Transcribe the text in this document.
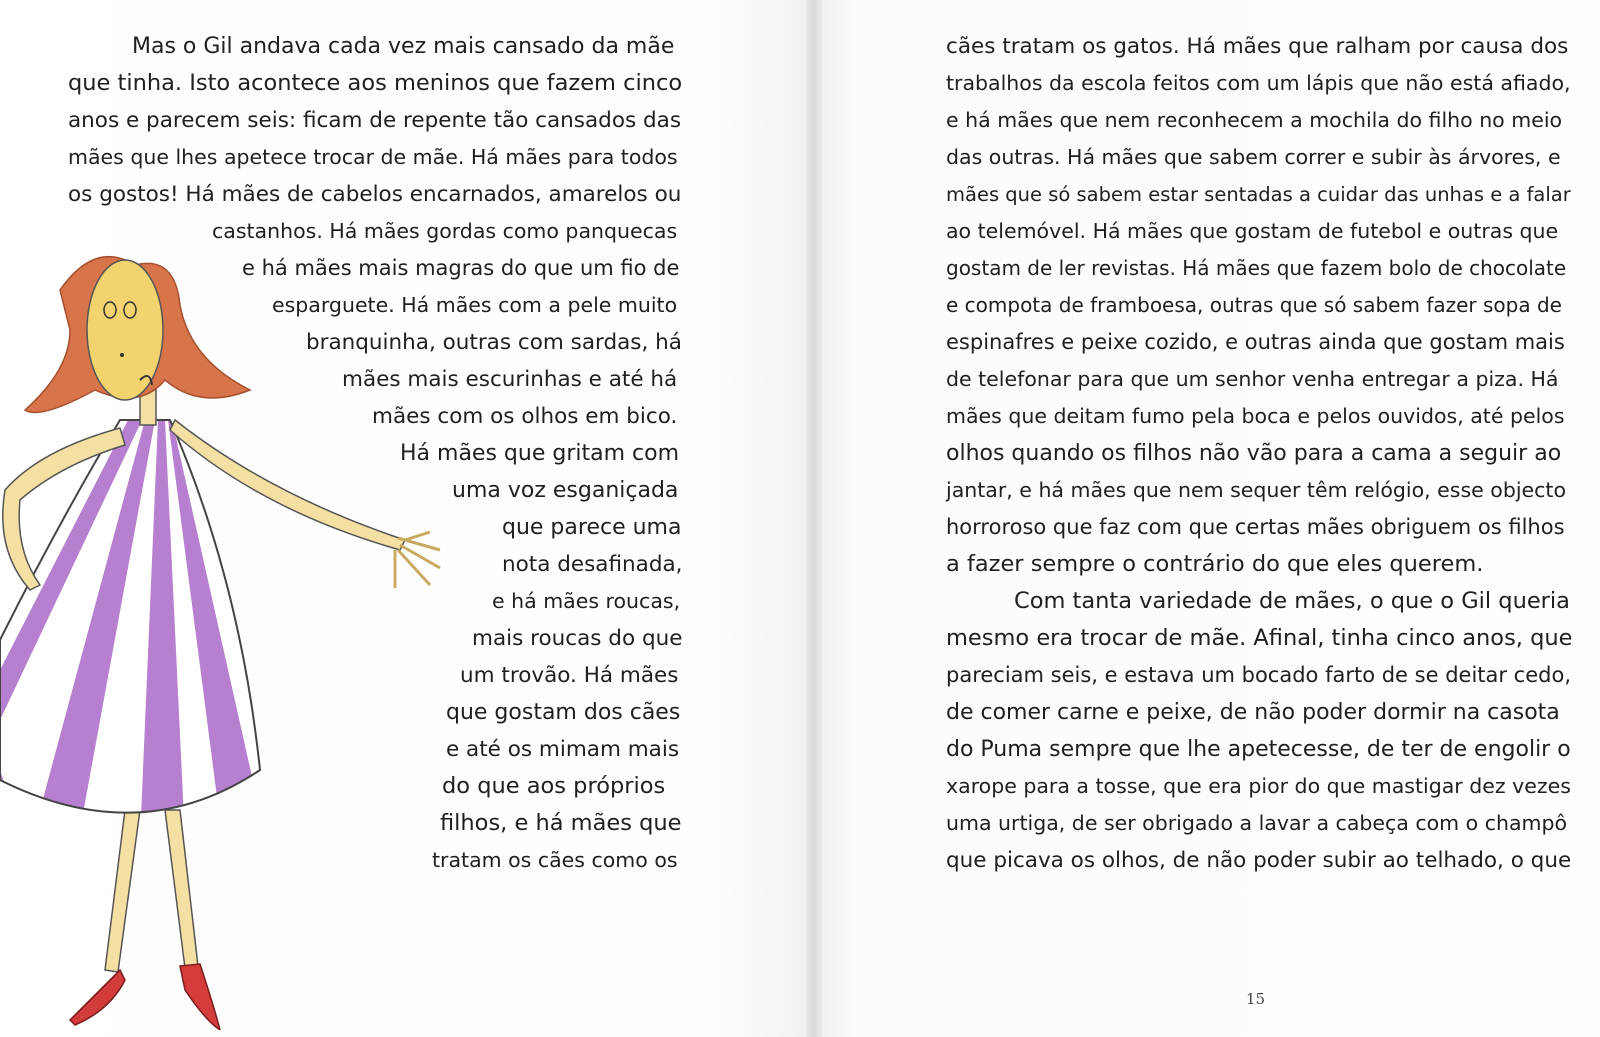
Mas o Gil andava cada vez mais cansado da mãe

que tinha. Isto acontece aos meninos que fazem cinco

anos e parecem seis: ficam de repente tão cansados das

mães que lhes apetece trocar de mãe. Há mães para todos

os gostos! Há mães de cabelos encarnados, amarelos ou

castanhos. Há mães gordas como panquecas

e há mães mais magras do que um fio de

esparguete. Há mães com a pele muito

branquinha, outras com sardas, há

mães mais escurinhas e até há

mães com os olhos em bico.

Há mães que gritam com

uma voz esganiçada

que parece uma

nota desafinada,

e há mães roucas,

mais roucas do que

um trovão. Há mães

que gostam dos cães

e até os mimam mais

do que aos próprios

filhos, e há mães que

tratam os cães como os

cães tratam os gatos. Há mães que ralham por causa dos

trabalhos da escola feitos com um lápis que não está afiado,

e há mães que nem reconhecem a mochila do filho no meio

das outras. Há mães que sabem correr e subir às árvores, e

mães que só sabem estar sentadas a cuidar das unhas e a falar

ao telemóvel. Há mães que gostam de futebol e outras que

gostam de ler revistas. Há mães que fazem bolo de chocolate

e compota de framboesa, outras que só sabem fazer sopa de

espinafres e peixe cozido, e outras ainda que gostam mais

de telefonar para que um senhor venha entregar a piza. Há

mães que deitam fumo pela boca e pelos ouvidos, até pelos

olhos quando os filhos não vão para a cama a seguir ao

jantar, e há mães que nem sequer têm relógio, esse objecto

horroroso que faz com que certas mães obriguem os filhos

a fazer sempre o contrário do que eles querem.

Com tanta variedade de mães, o que o Gil queria

mesmo era trocar de mãe. Afinal, tinha cinco anos, que

pareciam seis, e estava um bocado farto de se deitar cedo,

de comer carne e peixe, de não poder dormir na casota

do Puma sempre que lhe apetecesse, de ter de engolir o

xarope para a tosse, que era pior do que mastigar dez vezes

uma urtiga, de ser obrigado a lavar a cabeça com o champô

que picava os olhos, de não poder subir ao telhado, o que

15
